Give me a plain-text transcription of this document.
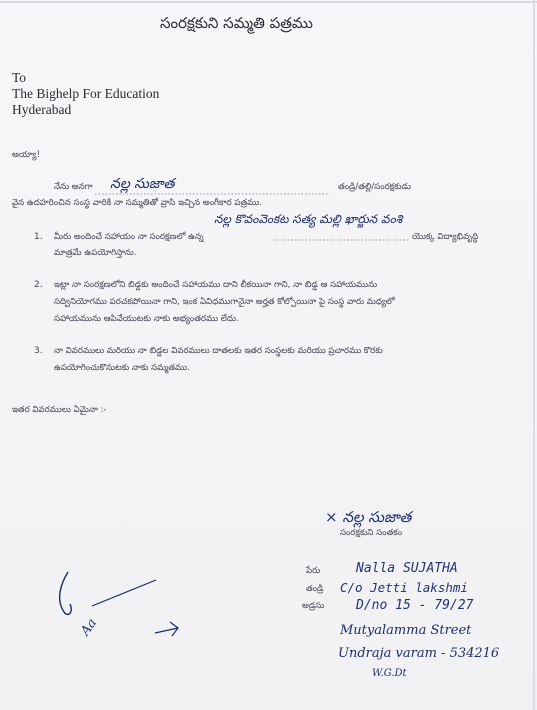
సంరక్షకుని సమ్మతి పత్రము
To
The Bighelp For Education
Hyderabad
అయ్యా!
నేను అనగా నల్ల సుజాత	తండ్రి/తల్లి/సంరక్షకుడు
వైన ఉదహరించిన సంస్థ వారికి నా సమ్మతితో వ్రాసి ఇచ్చిన అంగీకార పత్రము.
నల్ల కొవంవెంకట సత్య మల్లి ఖార్జున వంశి
1. మీరు అందించే సహాయం నా సంరక్షణలో ఉన్న	యొక్క విద్యాభివృద్ధి
మాత్రమే ఉపయోగిస్తాను.
2. ఇట్లా నా సంరక్షణలోని బిడ్డకు అందించే సహాయము దాని లీకయినా గాని, నా బిడ్డ ఆ సహాయమును
సద్వినియోగము పరచకపోయినా గాని, ఇంక ఏవిధముగానైనా అర్హత కోల్పోయినా పై సంస్థ వారు మధ్యలో
సహాయమును ఆపివేయుటకు నాకు అభ్యంతరము లేదు.
3. నా వివరములు మరియు నా బిడ్డల వివరములు దాతలకు ఇతర సంస్థలకు మరియు ప్రచారము కొరకు
ఉపయోగించుకొనుటకు నాకు సమ్మతము.
ఇతర వివరములు ఏమైనా :-
× నల్ల సుజాత
సంరక్షకుని సంతకం
పేరు	Nalla SUJATHA
తండ్రి C/o Jetti lakshmi
అడ్రసు D/no 15 - 79/27
Mutyalamma Street
Undraja varam - 534216
W.G.Dt
Aa
